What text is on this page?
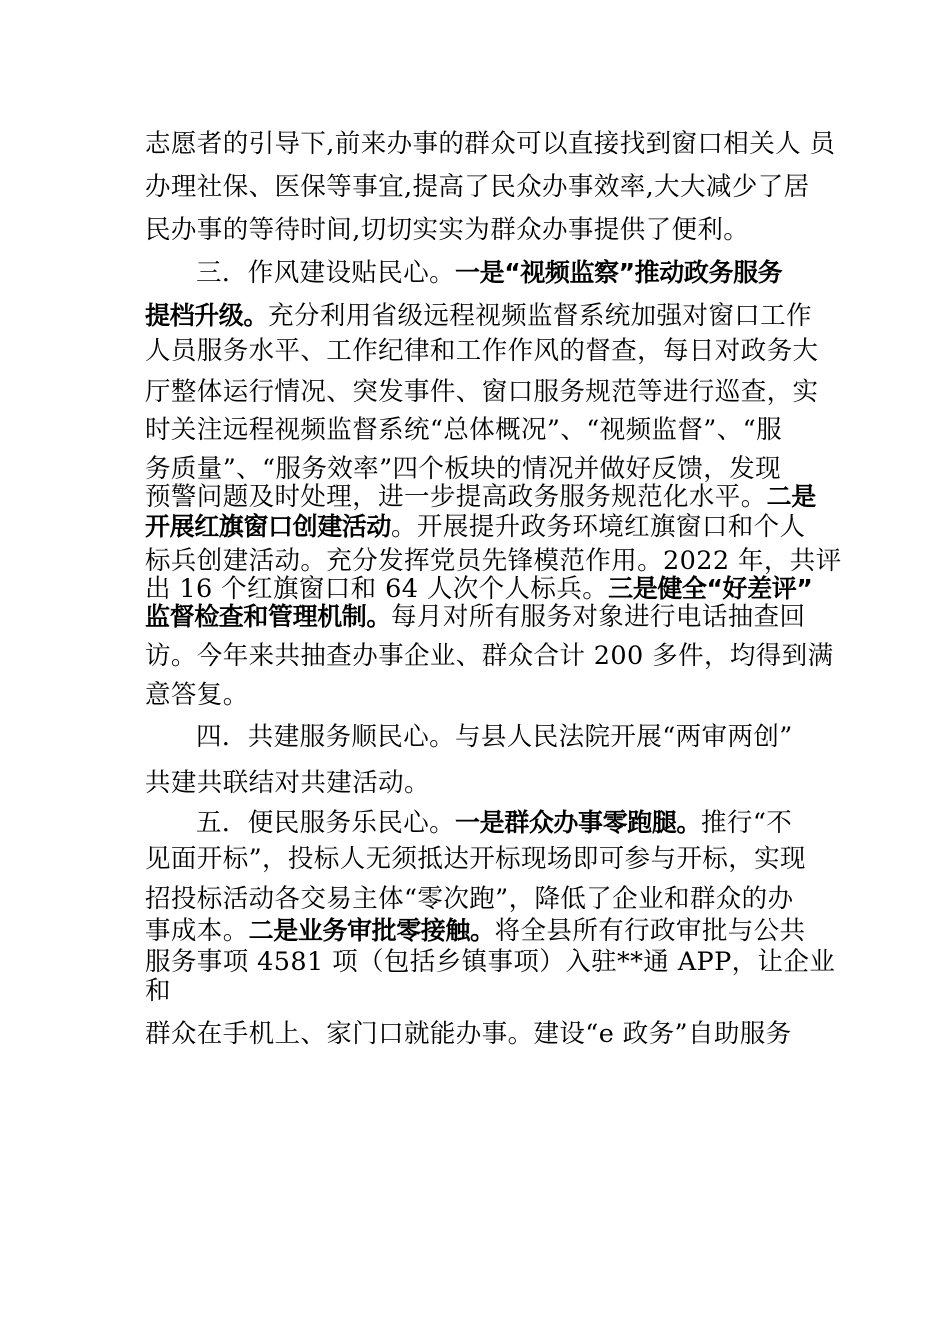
志愿者的引导下,前来办事的群众可以直接找到窗口相关人 员

办理社保、医保等事宜,提高了民众办事效率,大大减少了居

民办事的等待时间,切切实实为群众办事提供了便利。

三．作风建设贴民心。一是“视频监察”推动政务服务

提档升级。充分利用省级远程视频监督系统加强对窗口工作

人员服务水平、工作纪律和工作作风的督查，每日对政务大

厅整体运行情况、突发事件、窗口服务规范等进行巡查，实

时关注远程视频监督系统“总体概况”、“视频监督”、“服

务质量”、“服务效率”四个板块的情况并做好反馈，发现

预警问题及时处理，进一步提高政务服务规范化水平。二是

开展红旗窗口创建活动。开展提升政务环境红旗窗口和个人

标兵创建活动。充分发挥党员先锋模范作用。2022 年，共评

出 16 个红旗窗口和 64 人次个人标兵。三是健全“好差评”

监督检查和管理机制。每月对所有服务对象进行电话抽查回

访。今年来共抽查办事企业、群众合计 200 多件，均得到满

意答复。

四．共建服务顺民心。与县人民法院开展“两审两创”

共建共联结对共建活动。

五．便民服务乐民心。一是群众办事零跑腿。推行“不

见面开标”，投标人无须抵达开标现场即可参与开标，实现

招投标活动各交易主体“零次跑”，降低了企业和群众的办

事成本。二是业务审批零接触。将全县所有行政审批与公共

服务事项 4581 项（包括乡镇事项）入驻**通 APP，让企业

和

群众在手机上、家门口就能办事。建设“e 政务”自助服务
